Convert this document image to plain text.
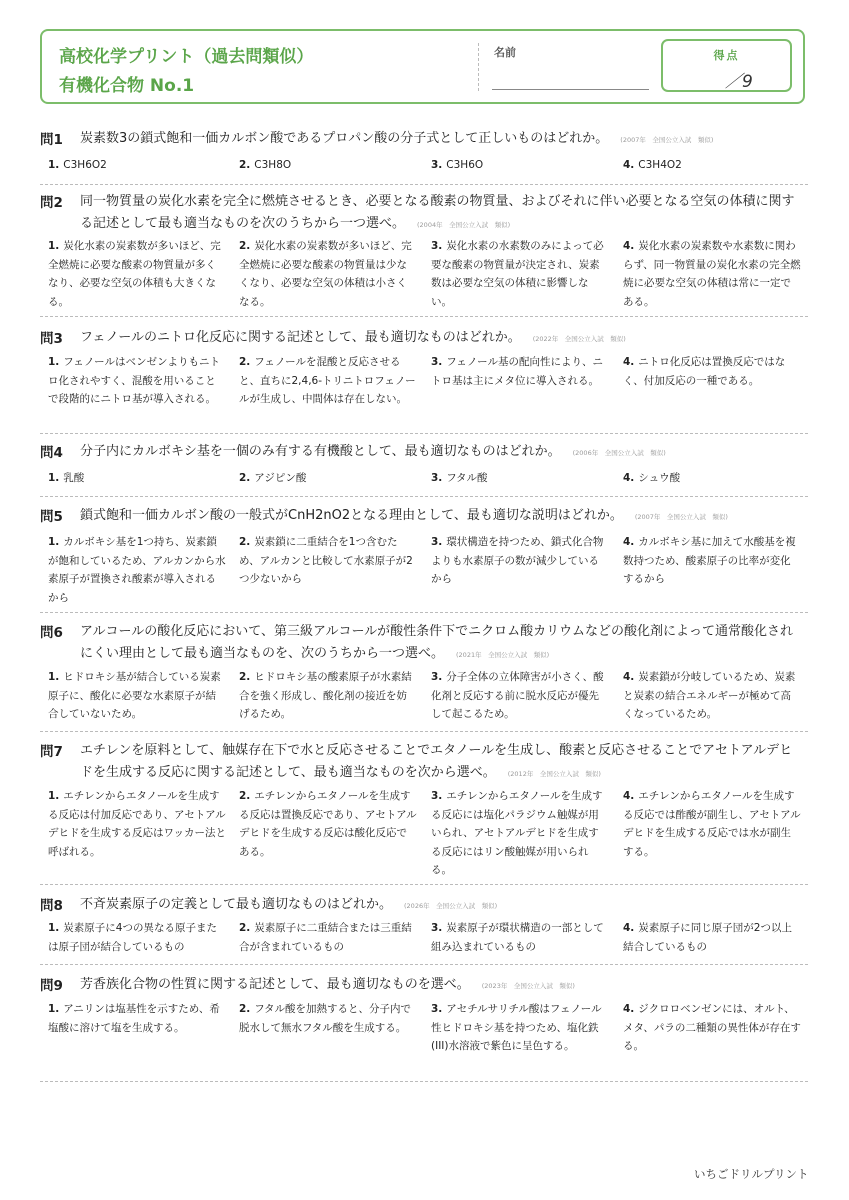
高校化学プリント（過去問類似）
有機化合物 No.1
名前	得点
／9
問1 炭素数3の鎖式飽和一価カルボン酸であるプロパン酸の分子式として正しいものはどれか。 (2007年　全国公立入試　類似)
1. C3H6O2	2. C3H8O	3. C3H6O	4. C3H4O2
問2 同一物質量の炭化水素を完全に燃焼させるとき、必要となる酸素の物質量、およびそれに伴い必要となる空気の体積に関する記述として最も適当なものを次のうちから一つ選べ。 (2004年　全国公立入試　類似)
1. 炭化水素の炭素数が多いほど、完全燃焼に必要な酸素の物質量が多くなり、必要な空気の体積も大きくなる。
2. 炭化水素の炭素数が多いほど、完全燃焼に必要な酸素の物質量は少なくなり、必要な空気の体積は小さくなる。
3. 炭化水素の水素数のみによって必要な酸素の物質量が決定され、炭素数は必要な空気の体積に影響しない。
4. 炭化水素の炭素数や水素数に関わらず、同一物質量の炭化水素の完全燃焼に必要な空気の体積は常に一定である。
問3 フェノールのニトロ化反応に関する記述として、最も適切なものはどれか。 (2022年　全国公立入試　類似)
1. フェノールはベンゼンよりもニトロ化されやすく、混酸を用いることで段階的にニトロ基が導入される。
2. フェノールを混酸と反応させると、直ちに2,4,6-トリニトロフェノールが生成し、中間体は存在しない。
3. フェノール基の配向性により、ニトロ基は主にメタ位に導入される。
4. ニトロ化反応は置換反応ではなく、付加反応の一種である。
問4 分子内にカルボキシ基を一個のみ有する有機酸として、最も適切なものはどれか。 (2006年　全国公立入試　類似)
1. 乳酸	2. アジピン酸	3. フタル酸	4. シュウ酸
問5 鎖式飽和一価カルボン酸の一般式がCnH2nO2となる理由として、最も適切な説明はどれか。 (2007年　全国公立入試　類似)
1. カルボキシ基を1つ持ち、炭素鎖が飽和しているため、アルカンから水素原子が置換され酸素が導入されるから
2. 炭素鎖に二重結合を1つ含むため、アルカンと比較して水素原子が2つ少ないから
3. 環状構造を持つため、鎖式化合物よりも水素原子の数が減少しているから
4. カルボキシ基に加えて水酸基を複数持つため、酸素原子の比率が変化するから
問6 アルコールの酸化反応において、第三級アルコールが酸性条件下でニクロム酸カリウムなどの酸化剤によって通常酸化されにくい理由として最も適当なものを、次のうちから一つ選べ。 (2021年　全国公立入試　類似)
1. ヒドロキシ基が結合している炭素原子に、酸化に必要な水素原子が結合していないため。
2. ヒドロキシ基の酸素原子が水素結合を強く形成し、酸化剤の接近を妨げるため。
3. 分子全体の立体障害が小さく、酸化剤と反応する前に脱水反応が優先して起こるため。
4. 炭素鎖が分岐しているため、炭素と炭素の結合エネルギーが極めて高くなっているため。
問7 エチレンを原料として、触媒存在下で水と反応させることでエタノールを生成し、酸素と反応させることでアセトアルデヒドを生成する反応に関する記述として、最も適当なものを次から選べ。 (2012年　全国公立入試　類似)
1. エチレンからエタノールを生成する反応は付加反応であり、アセトアルデヒドを生成する反応はワッカー法と呼ばれる。
2. エチレンからエタノールを生成する反応は置換反応であり、アセトアルデヒドを生成する反応は酸化反応である。
3. エチレンからエタノールを生成する反応には塩化パラジウム触媒が用いられ、アセトアルデヒドを生成する反応にはリン酸触媒が用いられる。
4. エチレンからエタノールを生成する反応では酢酸が副生し、アセトアルデヒドを生成する反応では水が副生する。
問8 不斉炭素原子の定義として最も適切なものはどれか。 (2026年　全国公立入試　類似)
1. 炭素原子に4つの異なる原子または原子団が結合しているもの
2. 炭素原子に二重結合または三重結合が含まれているもの
3. 炭素原子が環状構造の一部として組み込まれているもの
4. 炭素原子に同じ原子団が2つ以上結合しているもの
問9 芳香族化合物の性質に関する記述として、最も適切なものを選べ。 (2023年　全国公立入試　類似)
1. アニリンは塩基性を示すため、希塩酸に溶けて塩を生成する。
2. フタル酸を加熱すると、分子内で脱水して無水フタル酸を生成する。
3. アセチルサリチル酸はフェノール性ヒドロキシ基を持つため、塩化鉄(III)水溶液で紫色に呈色する。
4. ジクロロベンゼンには、オルト、メタ、パラの二種類の異性体が存在する。
いちごドリルプリント
